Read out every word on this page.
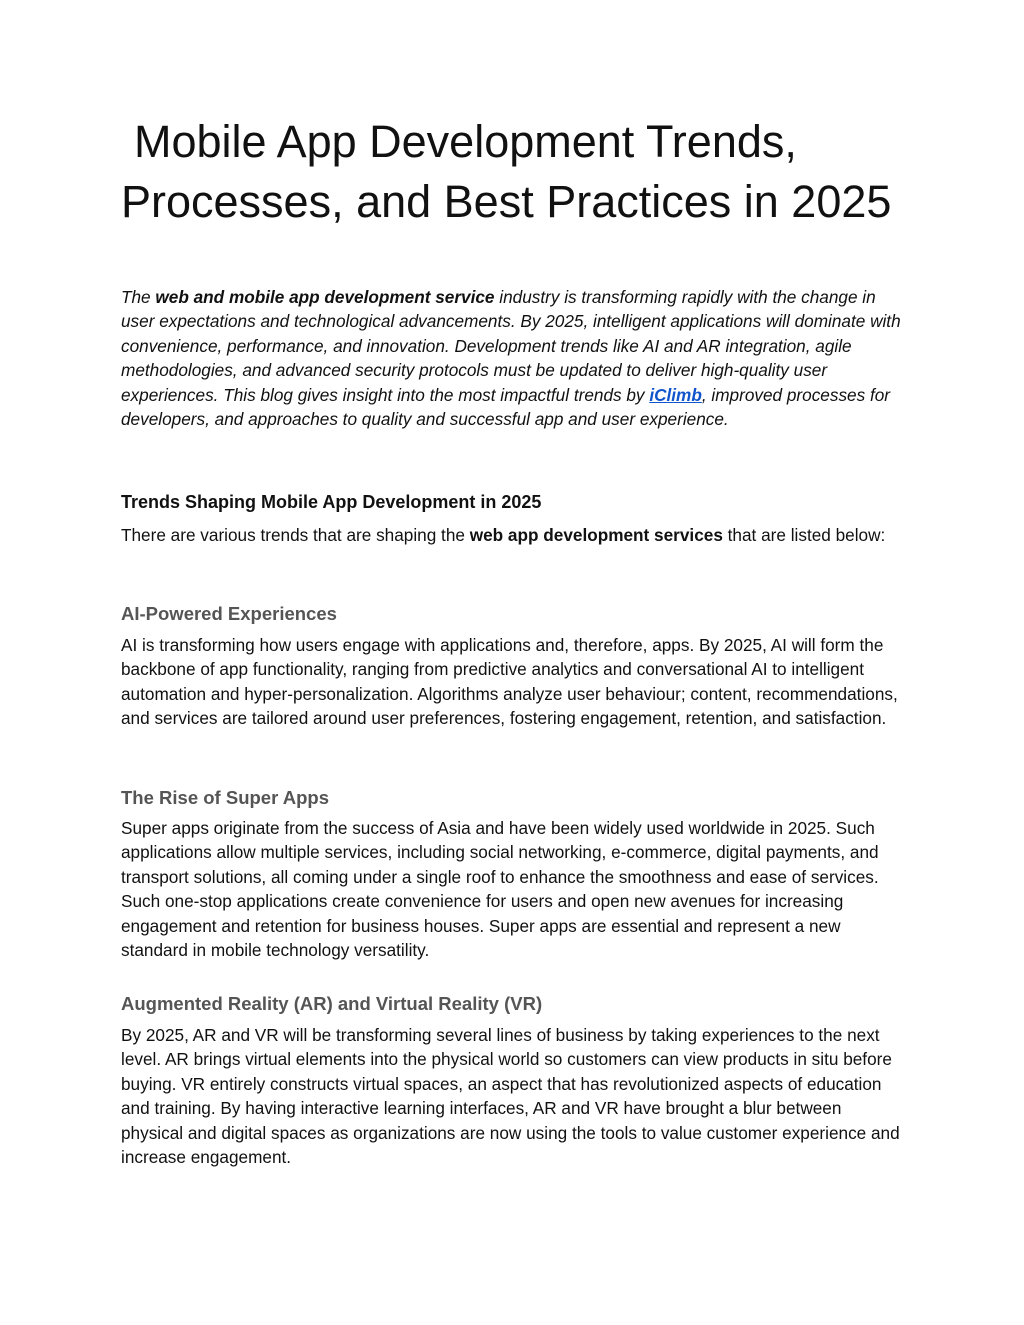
Mobile App Development Trends,
Processes, and Best Practices in 2025

The web and mobile app development service industry is transforming rapidly with the change in user expectations and technological advancements. By 2025, intelligent applications will dominate with convenience, performance, and innovation. Development trends like AI and AR integration, agile methodologies, and advanced security protocols must be updated to deliver high-quality user experiences. This blog gives insight into the most impactful trends by iClimb, improved processes for developers, and approaches to quality and successful app and user experience.

Trends Shaping Mobile App Development in 2025

There are various trends that are shaping the web app development services that are listed below:

AI-Powered Experiences

AI is transforming how users engage with applications and, therefore, apps. By 2025, AI will form the backbone of app functionality, ranging from predictive analytics and conversational AI to intelligent automation and hyper-personalization. Algorithms analyze user behaviour; content, recommendations, and services are tailored around user preferences, fostering engagement, retention, and satisfaction.

The Rise of Super Apps

Super apps originate from the success of Asia and have been widely used worldwide in 2025. Such applications allow multiple services, including social networking, e-commerce, digital payments, and transport solutions, all coming under a single roof to enhance the smoothness and ease of services. Such one-stop applications create convenience for users and open new avenues for increasing engagement and retention for business houses. Super apps are essential and represent a new standard in mobile technology versatility.

Augmented Reality (AR) and Virtual Reality (VR)

By 2025, AR and VR will be transforming several lines of business by taking experiences to the next level. AR brings virtual elements into the physical world so customers can view products in situ before buying. VR entirely constructs virtual spaces, an aspect that has revolutionized aspects of education and training. By having interactive learning interfaces, AR and VR have brought a blur between physical and digital spaces as organizations are now using the tools to value customer experience and increase engagement.
